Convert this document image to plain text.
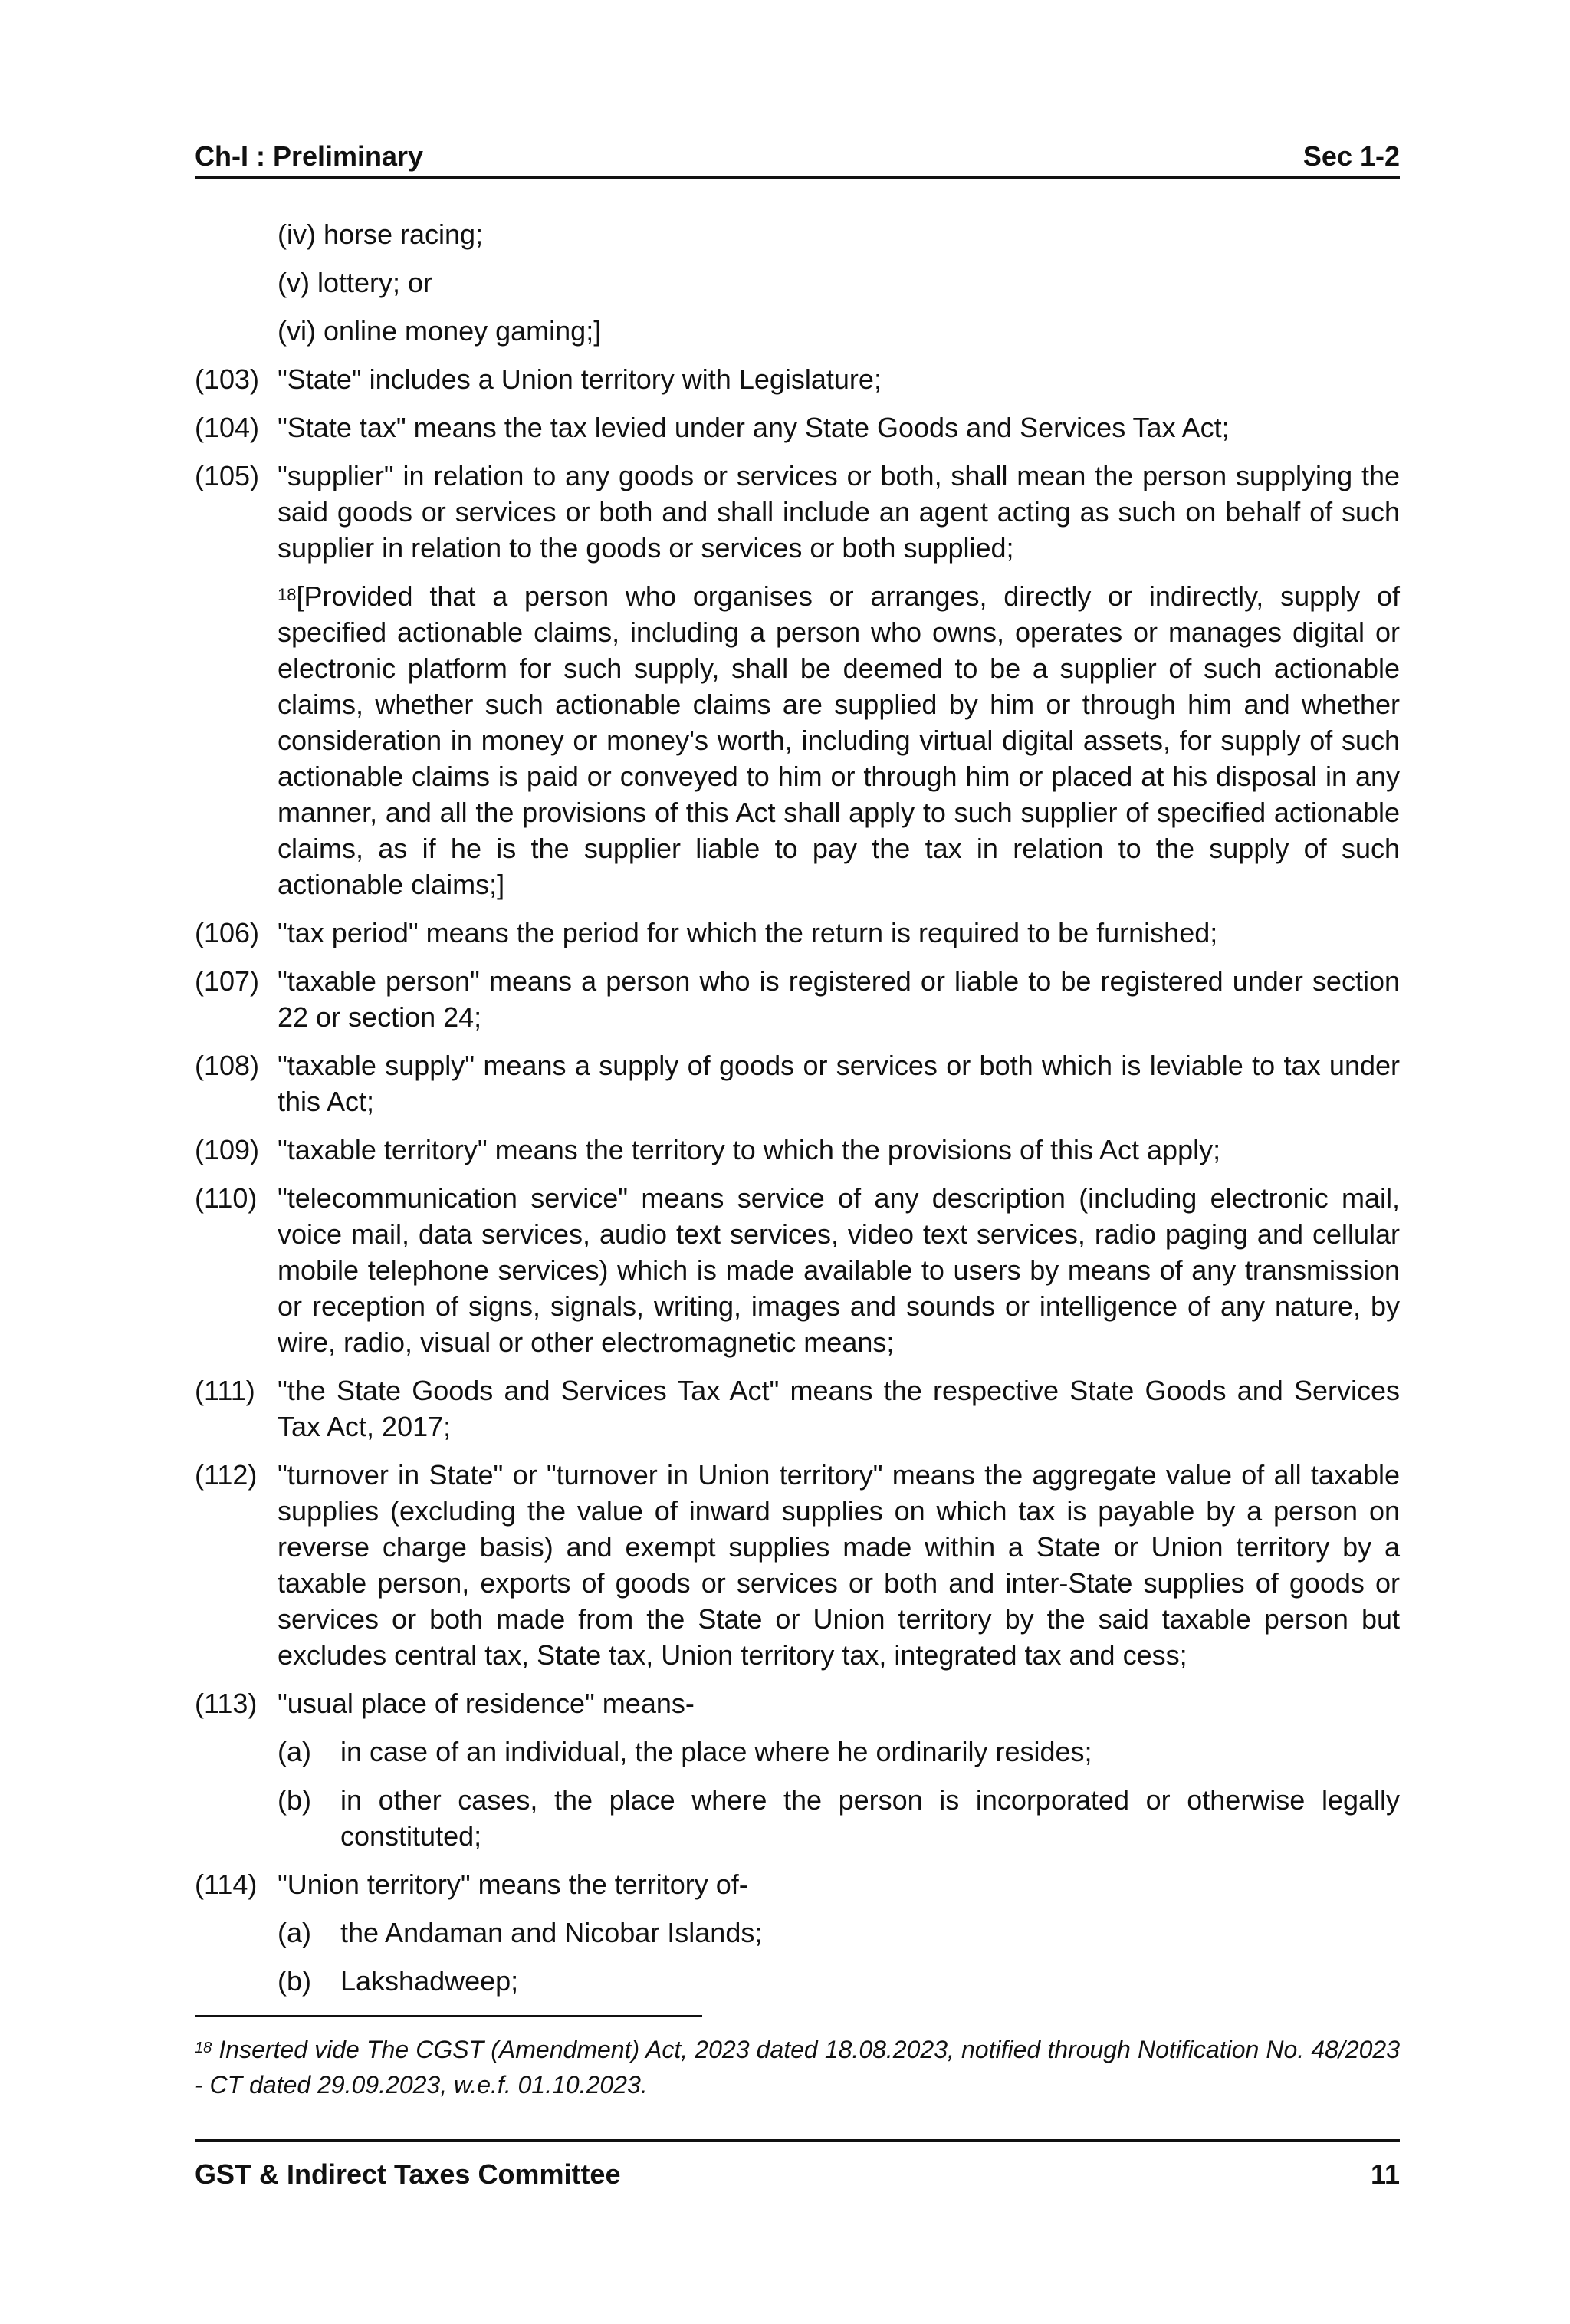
Ch-I : Preliminary	Sec 1-2
(iv) horse racing;
(v) lottery; or
(vi) online money gaming;]
(103) "State" includes a Union territory with Legislature;
(104) "State tax" means the tax levied under any State Goods and Services Tax Act;
(105) "supplier" in relation to any goods or services or both, shall mean the person supplying the said goods or services or both and shall include an agent acting as such on behalf of such supplier in relation to the goods or services or both supplied;
$^{18}$[Provided that a person who organises or arranges, directly or indirectly, supply of specified actionable claims, including a person who owns, operates or manages digital or electronic platform for such supply, shall be deemed to be a supplier of such actionable claims, whether such actionable claims are supplied by him or through him and whether consideration in money or money's worth, including virtual digital assets, for supply of such actionable claims is paid or conveyed to him or through him or placed at his disposal in any manner, and all the provisions of this Act shall apply to such supplier of specified actionable claims, as if he is the supplier liable to pay the tax in relation to the supply of such actionable claims;]
(106) "tax period" means the period for which the return is required to be furnished;
(107) "taxable person" means a person who is registered or liable to be registered under section 22 or section 24;
(108) "taxable supply" means a supply of goods or services or both which is leviable to tax under this Act;
(109) "taxable territory" means the territory to which the provisions of this Act apply;
(110) "telecommunication service" means service of any description (including electronic mail, voice mail, data services, audio text services, video text services, radio paging and cellular mobile telephone services) which is made available to users by means of any transmission or reception of signs, signals, writing, images and sounds or intelligence of any nature, by wire, radio, visual or other electromagnetic means;
(111) "the State Goods and Services Tax Act" means the respective State Goods and Services Tax Act, 2017;
(112) "turnover in State" or "turnover in Union territory" means the aggregate value of all taxable supplies (excluding the value of inward supplies on which tax is payable by a person on reverse charge basis) and exempt supplies made within a State or Union territory by a taxable person, exports of goods or services or both and inter-State supplies of goods or services or both made from the State or Union territory by the said taxable person but excludes central tax, State tax, Union territory tax, integrated tax and cess;
(113) "usual place of residence" means-
(a)	in case of an individual, the place where he ordinarily resides;
(b)	in other cases, the place where the person is incorporated or otherwise legally constituted;
(114) "Union territory" means the territory of-
(a)	the Andaman and Nicobar Islands;
(b)	Lakshadweep;
$^{18}$ Inserted vide The CGST (Amendment) Act, 2023 dated 18.08.2023, notified through Notification No. 48/2023 - CT dated 29.09.2023, w.e.f. 01.10.2023.
GST & Indirect Taxes Committee	11
